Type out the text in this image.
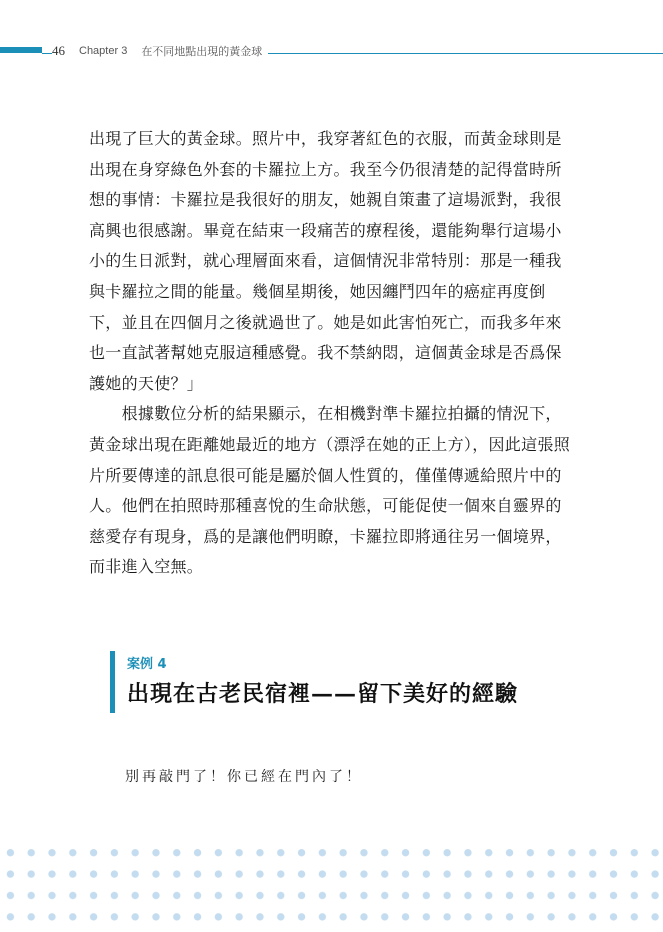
46 Chapter 3 在不同地點出現的黃金球

出現了巨大的黃金球。照片中，我穿著紅色的衣服，而黃金球則是出現在身穿綠色外套的卡羅拉上方。我至今仍很清楚的記得當時所想的事情：卡羅拉是我很好的朋友，她親自策畫了這場派對，我很高興也很感謝。畢竟在結束一段痛苦的療程後，還能夠舉行這場小小的生日派對，就心理層面來看，這個情況非常特別：那是一種我與卡羅拉之間的能量。幾個星期後，她因纏鬥四年的癌症再度倒下，並且在四個月之後就過世了。她是如此害怕死亡，而我多年來也一直試著幫她克服這種感覺。我不禁納悶，這個黃金球是否爲保護她的天使？」

　　根據數位分析的結果顯示，在相機對準卡羅拉拍攝的情況下，黃金球出現在距離她最近的地方（漂浮在她的正上方），因此這張照片所要傳達的訊息很可能是屬於個人性質的，僅僅傳遞給照片中的人。他們在拍照時那種喜悅的生命狀態，可能促使一個來自靈界的慈愛存有現身，爲的是讓他們明瞭，卡羅拉即將通往另一個境界，而非進入空無。

案例 4
出現在古老民宿裡——留下美好的經驗
別再敲門了！你已經在門內了！
